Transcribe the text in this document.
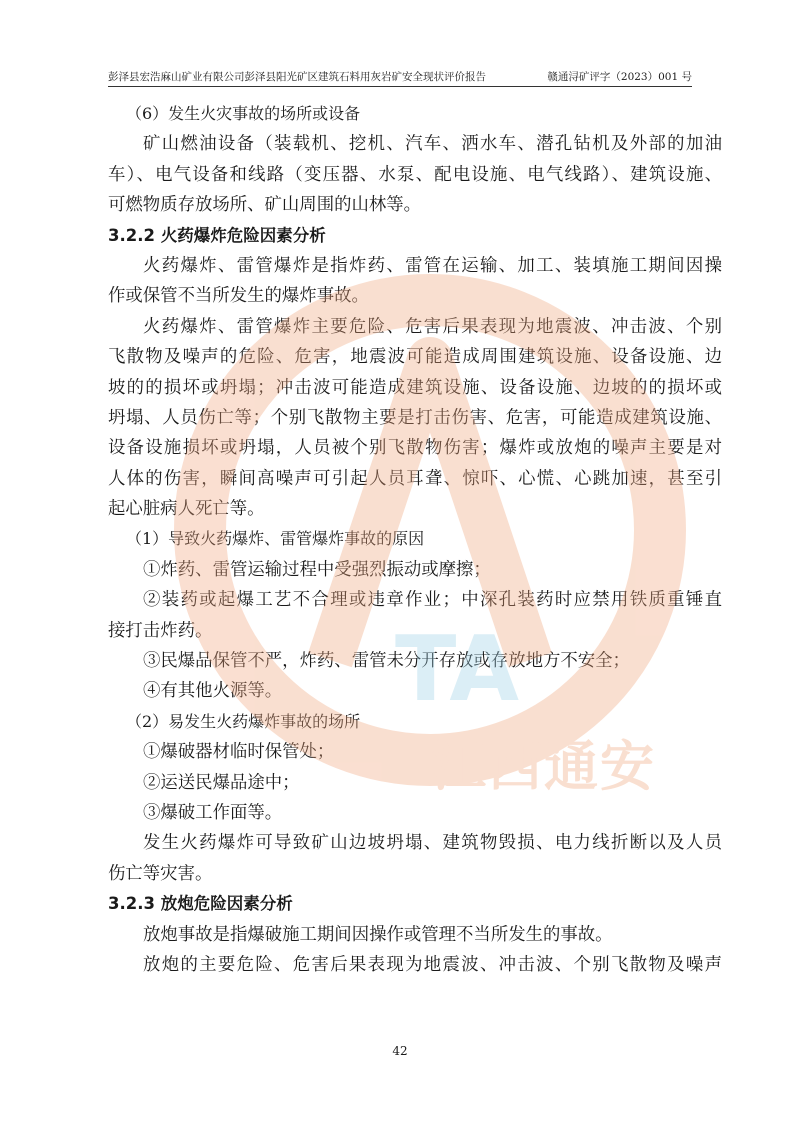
彭泽县宏浩麻山矿业有限公司彭泽县阳光矿区建筑石料用灰岩矿安全现状评价报告	赣通浔矿评字（2023）001 号
（6）发生火灾事故的场所或设备
矿山燃油设备（装载机、挖机、汽车、洒水车、潜孔钻机及外部的加油
车）、电气设备和线路（变压器、水泵、配电设施、电气线路）、建筑设施、
可燃物质存放场所、矿山周围的山林等。
3.2.2 火药爆炸危险因素分析
火药爆炸、雷管爆炸是指炸药、雷管在运输、加工、装填施工期间因操
作或保管不当所发生的爆炸事故。
火药爆炸、雷管爆炸主要危险、危害后果表现为地震波、冲击波、个别
飞散物及噪声的危险、危害，地震波可能造成周围建筑设施、设备设施、边
坡的的损坏或坍塌；冲击波可能造成建筑设施、设备设施、边坡的的损坏或
坍塌、人员伤亡等；个别飞散物主要是打击伤害、危害，可能造成建筑设施、
设备设施损坏或坍塌，人员被个别飞散物伤害；爆炸或放炮的噪声主要是对
人体的伤害，瞬间高噪声可引起人员耳聋、惊吓、心慌、心跳加速，甚至引
起心脏病人死亡等。
（1）导致火药爆炸、雷管爆炸事故的原因
①炸药、雷管运输过程中受强烈振动或摩擦；
②装药或起爆工艺不合理或违章作业；中深孔装药时应禁用铁质重锤直
接打击炸药。
③民爆品保管不严，炸药、雷管未分开存放或存放地方不安全；
④有其他火源等。
（2）易发生火药爆炸事故的场所
①爆破器材临时保管处；
②运送民爆品途中；
③爆破工作面等。
发生火药爆炸可导致矿山边坡坍塌、建筑物毁损、电力线折断以及人员
伤亡等灾害。
3.2.3 放炮危险因素分析
放炮事故是指爆破施工期间因操作或管理不当所发生的事故。
放炮的主要危险、危害后果表现为地震波、冲击波、个别飞散物及噪声
42
TA
江西通安
